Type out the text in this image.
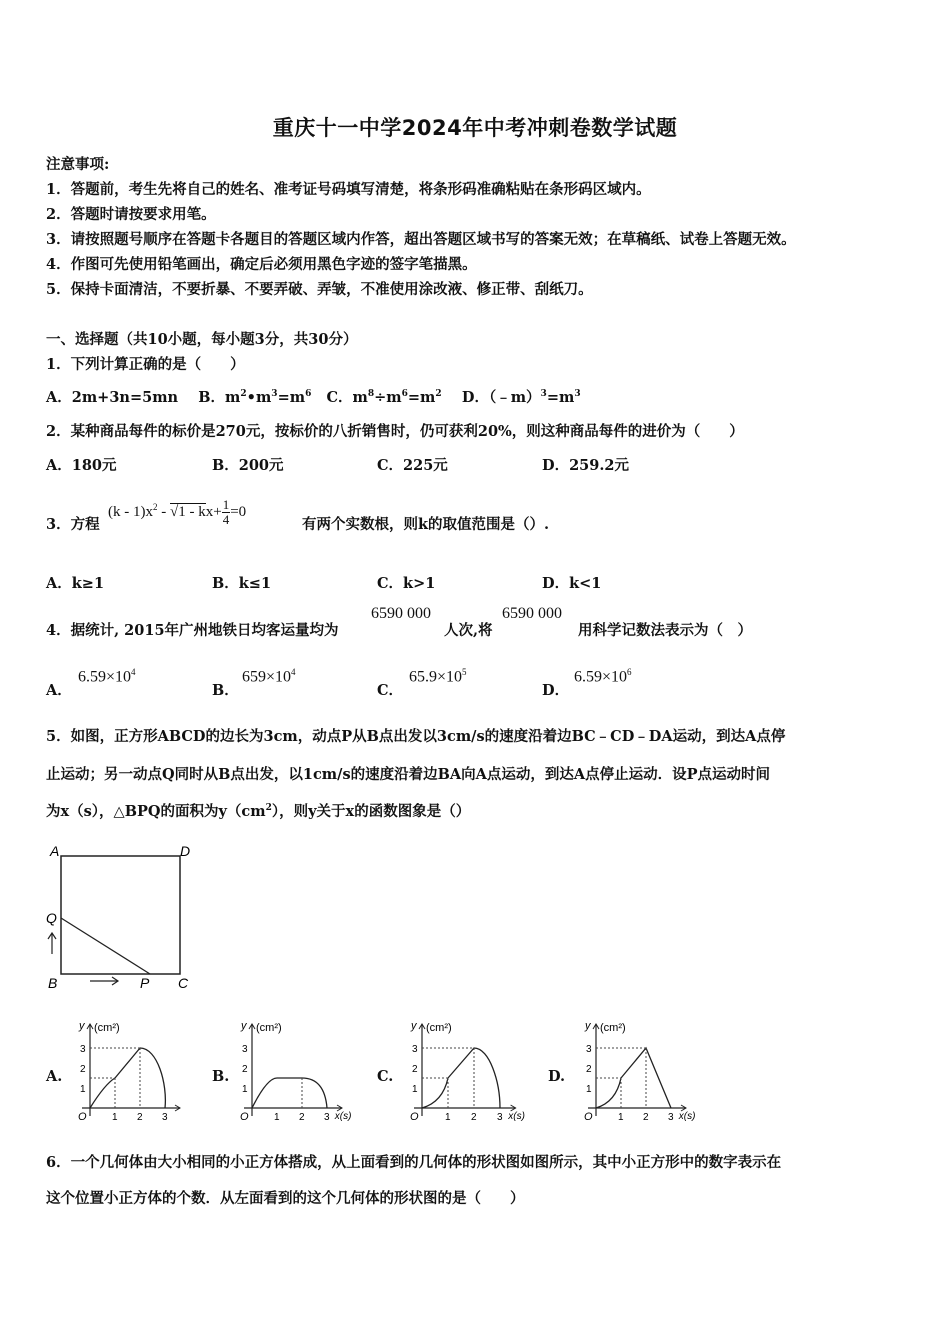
重庆十一中学2024年中考冲刺卷数学试题
注意事项:
1．答题前，考生先将自己的姓名、准考证号码填写清楚，将条形码准确粘贴在条形码区域内。
2．答题时请按要求用笔。
3．请按照题号顺序在答题卡各题目的答题区域内作答，超出答题区域书写的答案无效；在草稿纸、试卷上答题无效。
4．作图可先使用铅笔画出，确定后必须用黑色字迹的签字笔描黑。
5．保持卡面清洁，不要折暴、不要弄破、弄皱，不准使用涂改液、修正带、刮纸刀。
一、选择题（共10小题，每小题3分，共30分）
1．下列计算正确的是（　　）
A．2m+3n=5mn B．$m^2•m^3=m^6$ C．$m^8\div m^6=m^2$ D．$(﹣m)^3=m^3$
2．某种商品每件的标价是270元，按标价的八折销售时，仍可获利20%，则这种商品每件的进价为（　　）
A．180元	B．200元	C．225元	D．259.2元
3．方程
$(k - 1)x^2 - √1 - kx+ \frac{1}{4} =0$
有两个实数根，则k的取值范围是（）.
A．k≥1	B．k≤1	C．k>1	D．k<1
4．据统计, 2015年广州地铁日均客运量均为
6590 000
人次,将
6590 000
用科学记数法表示为（　）
A．
$6.59\times 10^4$
B．
$659\times 10^4$
C．
$65.9\times 10^5$
D．
$6.59\times 10^6$
5．如图，正方形ABCD的边长为3cm，动点P从B点出发以3cm/s的速度沿着边BC﹣CD﹣DA运动，到达A点停
止运动；另一动点Q同时从B点出发，以1cm/s的速度沿着边BA向A点运动，到达A点停止运动．设P点运动时间
为x（s），△BPQ的面积为$y(cm^2)$，则y关于x的函数图象是（）
A	D
Q
B	P C
A.	B.	C.	D.
y (cm²)
O	1
1
2
2
3
3
y (cm²)
O	x(s)
1
1
2
2
3
3
y (cm²)
O	x(s)
1
1
2
2
3
3
y (cm²)
O	x(s)
1
1
2
2
3
3
6．一个几何体由大小相同的小正方体搭成，从上面看到的几何体的形状图如图所示，其中小正方形中的数字表示在
这个位置小正方体的个数．从左面看到的这个几何体的形状图的是（　　）
